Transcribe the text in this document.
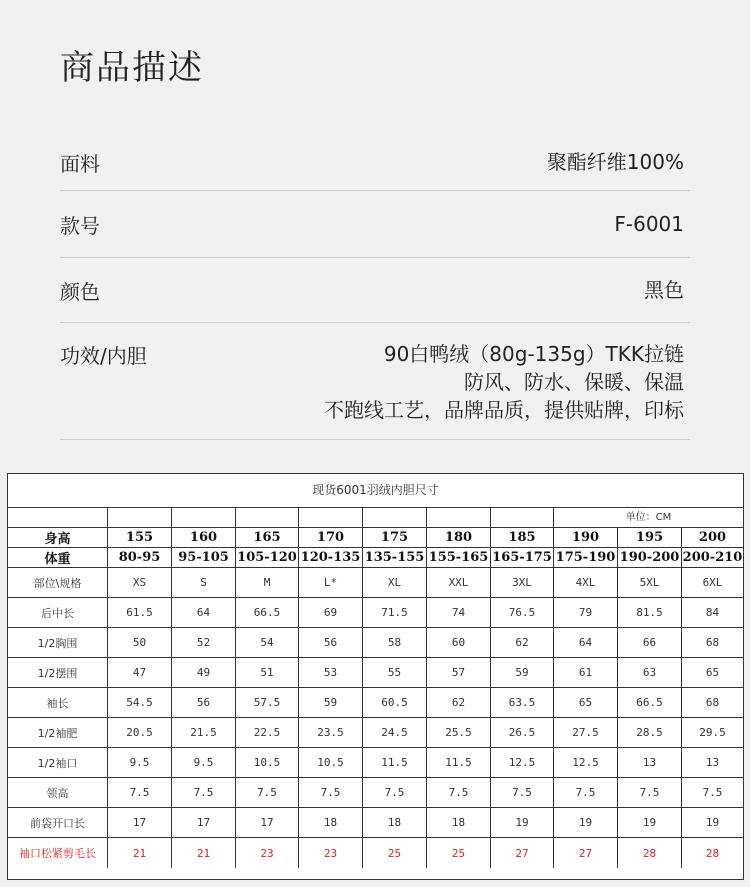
商品描述
面料	聚酯纤维100%
款号	F-6001
颜色	黑色
功效/内胆	90白鸭绒（80g-135g）TKK拉链
防风、防水、保暖、保温
不跑线工艺，品牌品质，提供贴牌，印标
现货6001羽绒内胆尺寸
单位：CM
身高	155	160	165	170	175	180	185	190	195	200
体重	80-95	95-105 105-120 120-135 135-155 155-165 165-175 175-190 190-200 200-210
部位\规格	XS	S	M	L*	XL	XXL	3XL	4XL	5XL	6XL
后中长	61.5	64	66.5	69	71.5	74	76.5	79	81.5	84
1/2胸围	50	52	54	56	58	60	62	64	66	68
1/2摆围	47	49	51	53	55	57	59	61	63	65
袖长	54.5	56	57.5	59	60.5	62	63.5	65	66.5	68
1/2袖肥	20.5	21.5	22.5	23.5	24.5	25.5	26.5	27.5	28.5	29.5
1/2袖口	9.5	9.5	10.5	10.5	11.5	11.5	12.5	12.5	13	13
领高	7.5	7.5	7.5	7.5	7.5	7.5	7.5	7.5	7.5	7.5
前袋开口长	17	17	17	18	18	18	19	19	19	19
袖口松紧剪毛长	21	21	23	23	25	25	27	27	28	28
